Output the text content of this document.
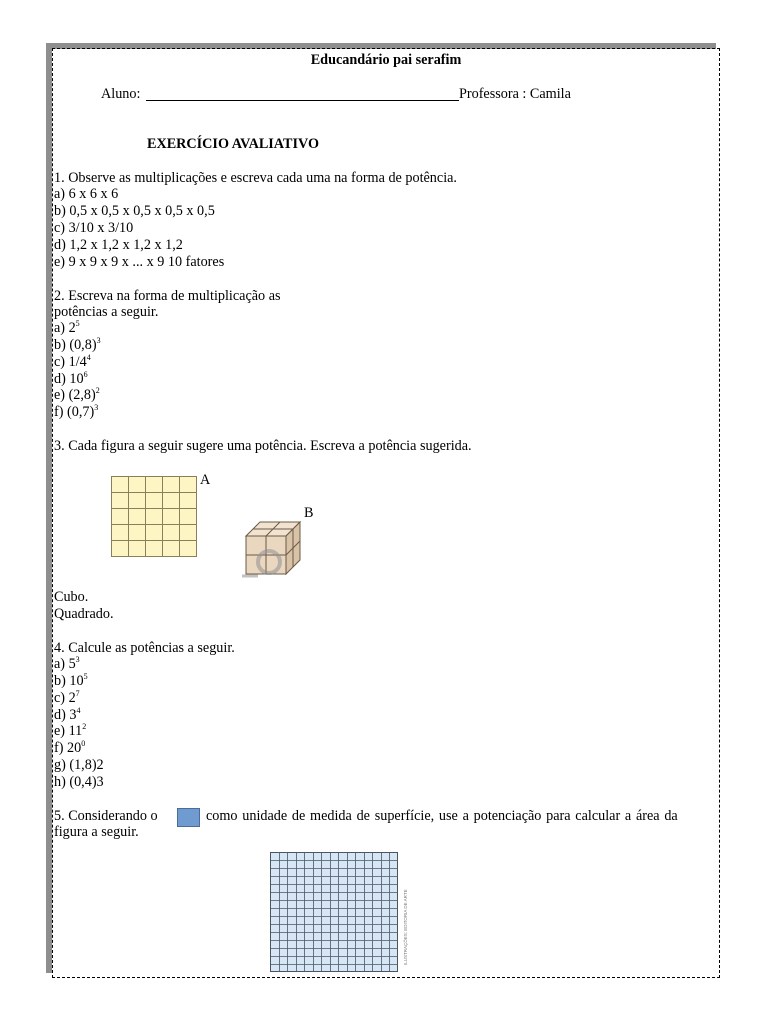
Educandário pai serafim
Aluno:	Professora : Camila
EXERCÍCIO AVALIATIVO
1. Observe as multiplicações e escreva cada uma na forma de potência.
a) 6 x 6 x 6
b) 0,5 x 0,5 x 0,5 x 0,5 x 0,5
c) 3/10 x 3/10
d) 1,2 x 1,2 x 1,2 x 1,2
e) 9 x 9 x 9 x ... x 9 10 fatores
2. Escreva na forma de multiplicação as
potências a seguir.
a) $2^5$
b) $(0,8)^3$
c) $1/4^4$
d) $10^6$
e) $(2,8)^2$
f) $(0,7)^3$
3. Cada figura a seguir sugere uma potência. Escreva a potência sugerida.
A
B
Cubo.
Quadrado.
4. Calcule as potências a seguir.
a) $5^3$
b) $10^5$
c) $2^7$
d) $3^4$
e) $11^2$
f) $20^0$
g) (1,8)2
h) (0,4)3
5. Considerando o	como unidade de medida de superfície, use a potenciação para calcular a área da
figura a seguir.
ILUSTRAÇÕES: EDITORIA DE ARTE
